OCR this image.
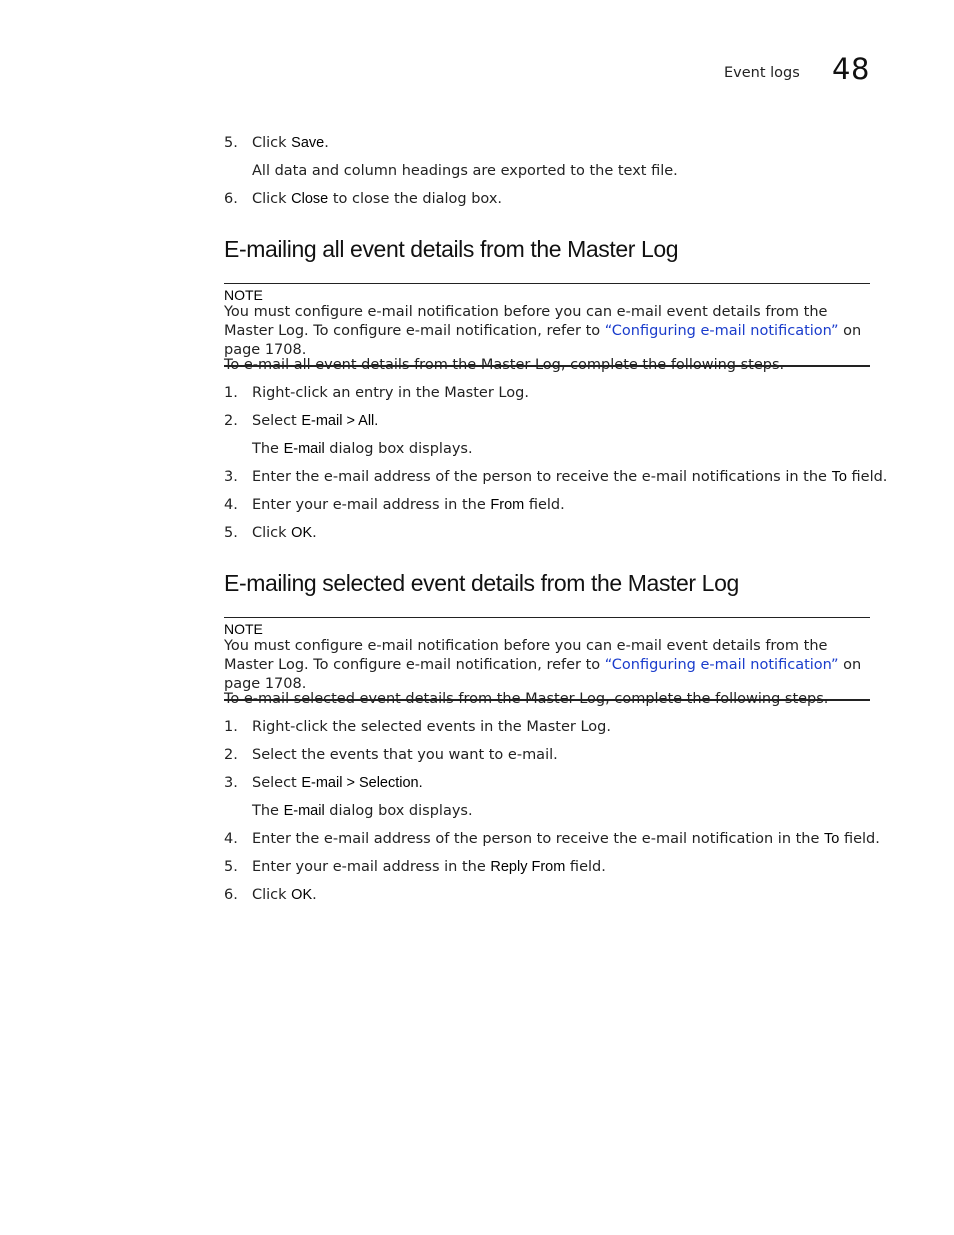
Event logs 48
5. Click Save.
All data and column headings are exported to the text file.
6. Click Close to close the dialog box.
E-mailing all event details from the Master Log
NOTE
You must configure e-mail notification before you can e-mail event details from the Master Log. To configure e-mail notification, refer to “Configuring e-mail notification” on page 1708.
To e-mail all event details from the Master Log, complete the following steps.
1. Right-click an entry in the Master Log.
2. Select E-mail > All.
The E-mail dialog box displays.
3. Enter the e-mail address of the person to receive the e-mail notifications in the To field.
4. Enter your e-mail address in the From field.
5. Click OK.
E-mailing selected event details from the Master Log
NOTE
You must configure e-mail notification before you can e-mail event details from the Master Log. To configure e-mail notification, refer to “Configuring e-mail notification” on page 1708.
To e-mail selected event details from the Master Log, complete the following steps.
1. Right-click the selected events in the Master Log.
2. Select the events that you want to e-mail.
3. Select E-mail > Selection.
The E-mail dialog box displays.
4. Enter the e-mail address of the person to receive the e-mail notification in the To field.
5. Enter your e-mail address in the Reply From field.
6. Click OK.
